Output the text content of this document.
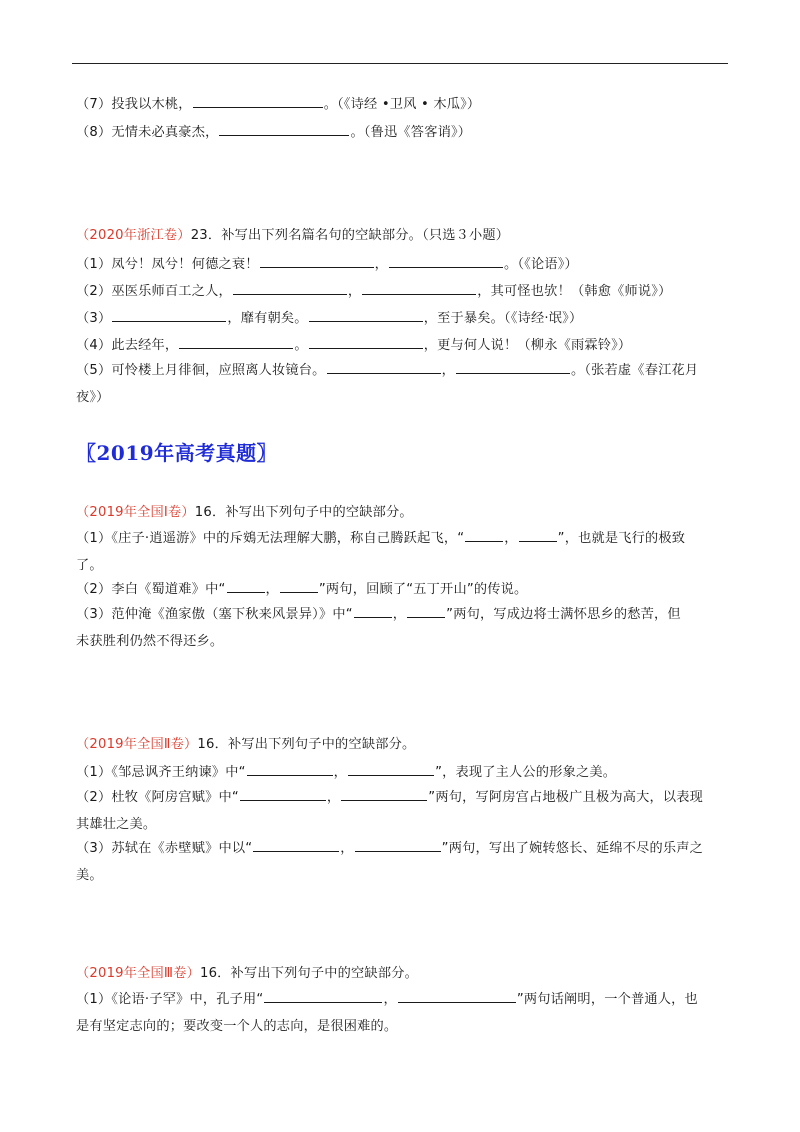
（7）投我以木桃，	。（《诗经 •卫风 • 木瓜》）
（8）无情未必真豪杰，	。（鲁迅《答客诮》）
（2020年浙江卷）23．补写出下列名篇名句的空缺部分。（只选３小题）
（1）凤兮！凤兮！何德之衰！	，	。（《论语》）
（2）巫医乐师百工之人，	，	，其可怪也欤！（韩愈《师说》）
（3）	，靡有朝矣。	，至于暴矣。（《诗经·氓》）
（4）此去经年，	。	，更与何人说！（柳永《雨霖铃》）
（5）可怜楼上月徘徊，应照离人妆镜台。	，	。（张若虚《春江花月
夜》）
〖2019年高考真题〗
（2019年全国Ⅰ卷）16．补写出下列句子中的空缺部分。
（1）《庄子·逍遥游》中的斥鴳无法理解大鹏，称自己腾跃起飞，“	，	”，也就是飞行的极致
了。
（2）李白《蜀道难》中“	，	”两句，回顾了“五丁开山”的传说。
（3）范仲淹《渔家傲（塞下秋来风景异）》中“	，	”两句，写成边将士满怀思乡的愁苦，但
未获胜利仍然不得还乡。
（2019年全国Ⅱ卷）16．补写出下列句子中的空缺部分。
（1）《邹忌讽齐王纳谏》中“	，	”，表现了主人公的形象之美。
（2）杜牧《阿房宫赋》中“	，	”两句，写阿房宫占地极广且极为高大，以表现
其雄壮之美。
（3）苏轼在《赤壁赋》中以“	，	”两句，写出了婉转悠长、延绵不尽的乐声之
美。
（2019年全国Ⅲ卷）16．补写出下列句子中的空缺部分。
（1）《论语·子罕》中，孔子用“	，	”两句话阐明，一个普通人，也
是有坚定志向的；要改变一个人的志向，是很困难的。
